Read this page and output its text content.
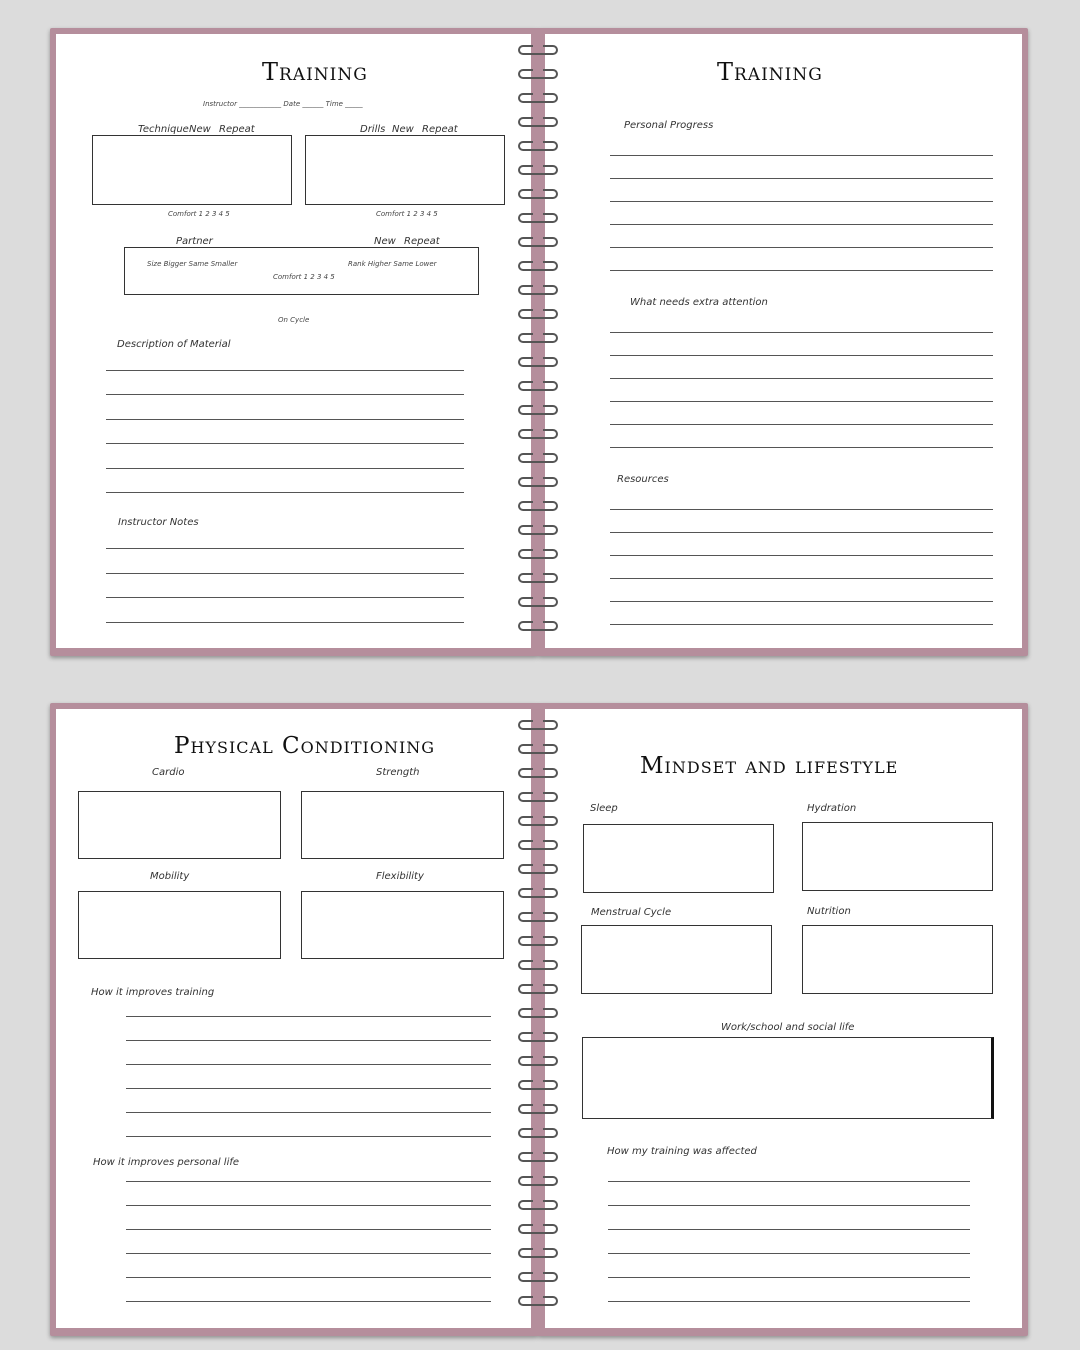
Training
Instructor ____________ Date ______ Time _____
Technique New Repeat	Drills New Repeat
Comfort 1 2 3 4 5	Comfort 1 2 3 4 5
Partner	New Repeat
Size Bigger Same Smaller	Rank Higher Same Lower
Comfort 1 2 3 4 5
On Cycle
Description of Material
Instructor Notes
Training
Personal Progress
What needs extra attention
Resources
Physical Conditioning
Cardio	Strength
Mobility	Flexibility
How it improves training
How it improves personal life
Mindset and lifestyle
Sleep	Hydration
Menstrual Cycle	Nutrition
Work/school and social life
How my training was affected
